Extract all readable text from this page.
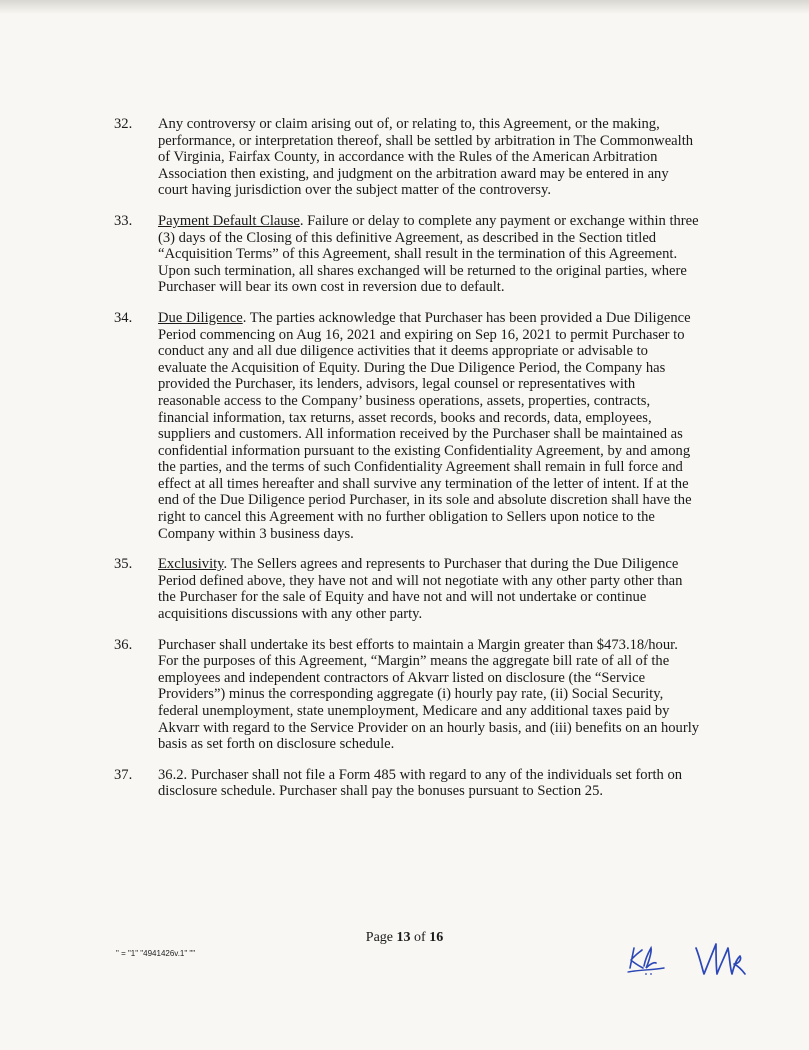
32.	Any controversy or claim arising out of, or relating to, this Agreement, or the making, performance, or interpretation thereof, shall be settled by arbitration in The Commonwealth of Virginia, Fairfax County, in accordance with the Rules of the American Arbitration Association then existing, and judgment on the arbitration award may be entered in any court having jurisdiction over the subject matter of the controversy.
33.	Payment Default Clause. Failure or delay to complete any payment or exchange within three (3) days of the Closing of this definitive Agreement, as described in the Section titled “Acquisition Terms” of this Agreement, shall result in the termination of this Agreement. Upon such termination, all shares exchanged will be returned to the original parties, where Purchaser will bear its own cost in reversion due to default.
34.	Due Diligence. The parties acknowledge that Purchaser has been provided a Due Diligence Period commencing on Aug 16, 2021 and expiring on Sep 16, 2021 to permit Purchaser to conduct any and all due diligence activities that it deems appropriate or advisable to evaluate the Acquisition of Equity. During the Due Diligence Period, the Company has provided the Purchaser, its lenders, advisors, legal counsel or representatives with reasonable access to the Company’ business operations, assets, properties, contracts, financial information, tax returns, asset records, books and records, data, employees, suppliers and customers. All information received by the Purchaser shall be maintained as confidential information pursuant to the existing Confidentiality Agreement, by and among the parties, and the terms of such Confidentiality Agreement shall remain in full force and effect at all times hereafter and shall survive any termination of the letter of intent. If at the end of the Due Diligence period Purchaser, in its sole and absolute discretion shall have the right to cancel this Agreement with no further obligation to Sellers upon notice to the Company within 3 business days.
35.	Exclusivity. The Sellers agrees and represents to Purchaser that during the Due Diligence Period defined above, they have not and will not negotiate with any other party other than the Purchaser for the sale of Equity and have not and will not undertake or continue acquisitions discussions with any other party.
36.	Purchaser shall undertake its best efforts to maintain a Margin greater than $473.18/hour. For the purposes of this Agreement, “Margin” means the aggregate bill rate of all of the employees and independent contractors of Akvarr listed on disclosure (the “Service Providers”) minus the corresponding aggregate (i) hourly pay rate, (ii) Social Security, federal unemployment, state unemployment, Medicare and any additional taxes paid by Akvarr with regard to the Service Provider on an hourly basis, and (iii) benefits on an hourly basis as set forth on disclosure schedule.
37.	36.2. Purchaser shall not file a Form 485 with regard to any of the individuals set forth on disclosure schedule. Purchaser shall pay the bonuses pursuant to Section 25.
Page 13 of 16
" = "1" "4941426v.1" ""
